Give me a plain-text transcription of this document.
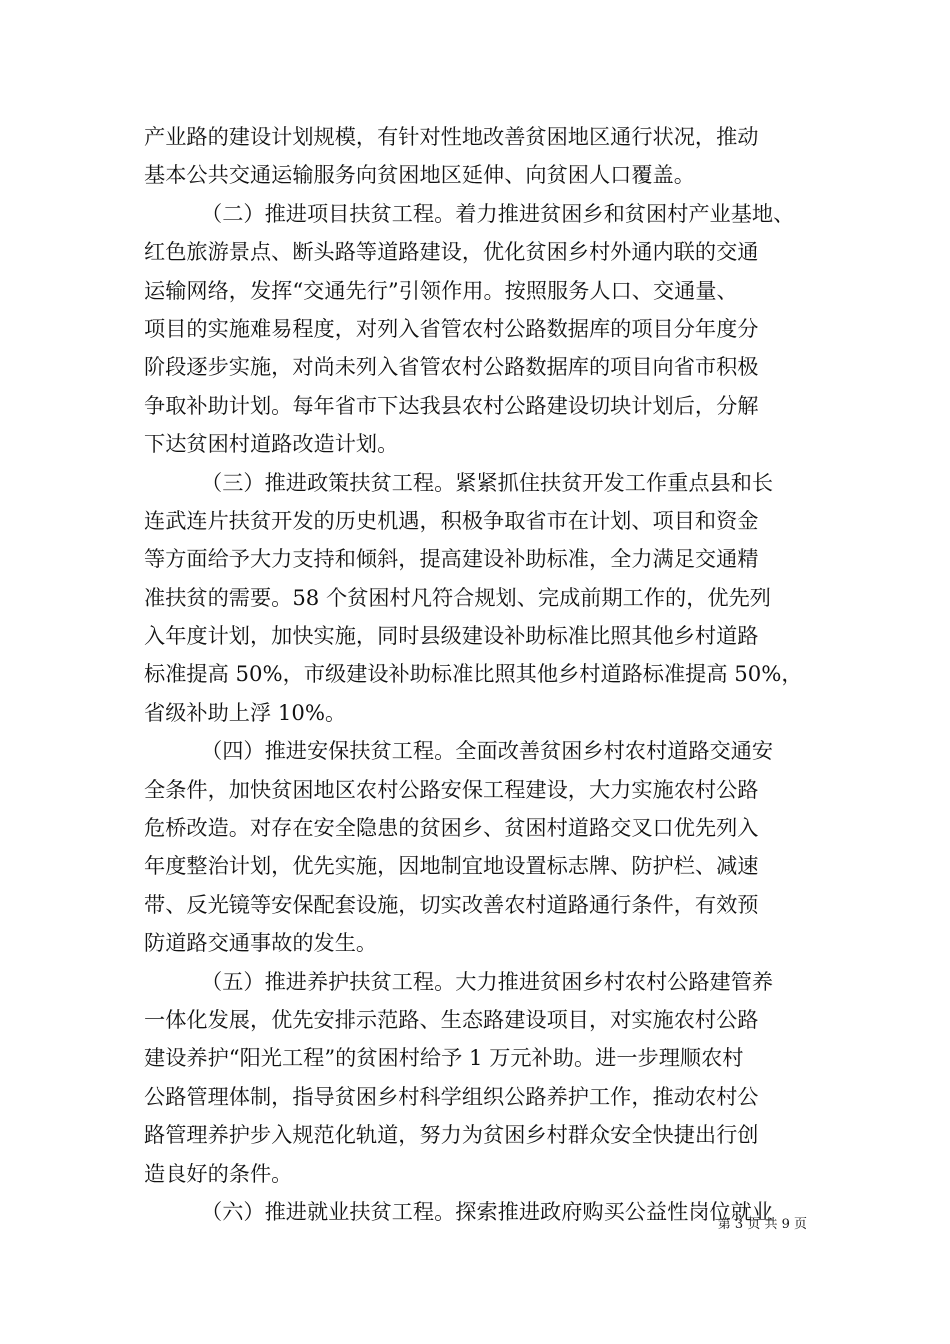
产业路的建设计划规模，有针对性地改善贫困地区通行状况，推动
基本公共交通运输服务向贫困地区延伸、向贫困人口覆盖。
（二）推进项目扶贫工程。着力推进贫困乡和贫困村产业基地、
红色旅游景点、断头路等道路建设，优化贫困乡村外通内联的交通
运输网络，发挥“交通先行”引领作用。按照服务人口、交通量、
项目的实施难易程度，对列入省管农村公路数据库的项目分年度分
阶段逐步实施，对尚未列入省管农村公路数据库的项目向省市积极
争取补助计划。每年省市下达我县农村公路建设切块计划后，分解
下达贫困村道路改造计划。
（三）推进政策扶贫工程。紧紧抓住扶贫开发工作重点县和长
连武连片扶贫开发的历史机遇，积极争取省市在计划、项目和资金
等方面给予大力支持和倾斜，提高建设补助标准，全力满足交通精
准扶贫的需要。58 个贫困村凡符合规划、完成前期工作的，优先列
入年度计划，加快实施，同时县级建设补助标准比照其他乡村道路
标准提高 50%，市级建设补助标准比照其他乡村道路标准提高 50%，
省级补助上浮 10%。
（四）推进安保扶贫工程。全面改善贫困乡村农村道路交通安
全条件，加快贫困地区农村公路安保工程建设，大力实施农村公路
危桥改造。对存在安全隐患的贫困乡、贫困村道路交叉口优先列入
年度整治计划，优先实施，因地制宜地设置标志牌、防护栏、减速
带、反光镜等安保配套设施，切实改善农村道路通行条件，有效预
防道路交通事故的发生。
（五）推进养护扶贫工程。大力推进贫困乡村农村公路建管养
一体化发展，优先安排示范路、生态路建设项目，对实施农村公路
建设养护“阳光工程”的贫困村给予 1 万元补助。进一步理顺农村
公路管理体制，指导贫困乡村科学组织公路养护工作，推动农村公
路管理养护步入规范化轨道，努力为贫困乡村群众安全快捷出行创
造良好的条件。
（六）推进就业扶贫工程。探索推进政府购买公益性岗位就业
第 3 页 共 9 页
